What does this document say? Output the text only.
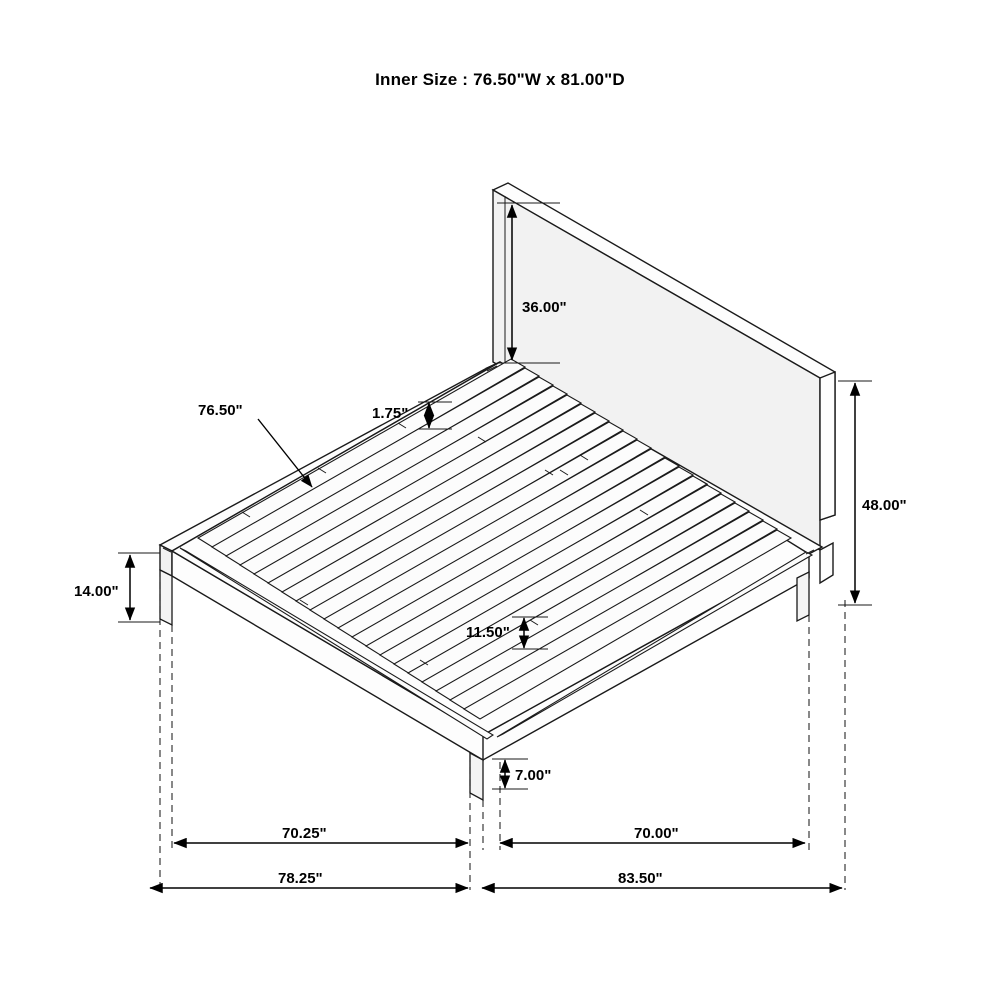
Inner Size : 76.50"W x 81.00"D
36.00"
48.00"
14.00"
76.50"	1.75"
11.50"
7.00"
70.25"	70.00"
78.25"	83.50"
